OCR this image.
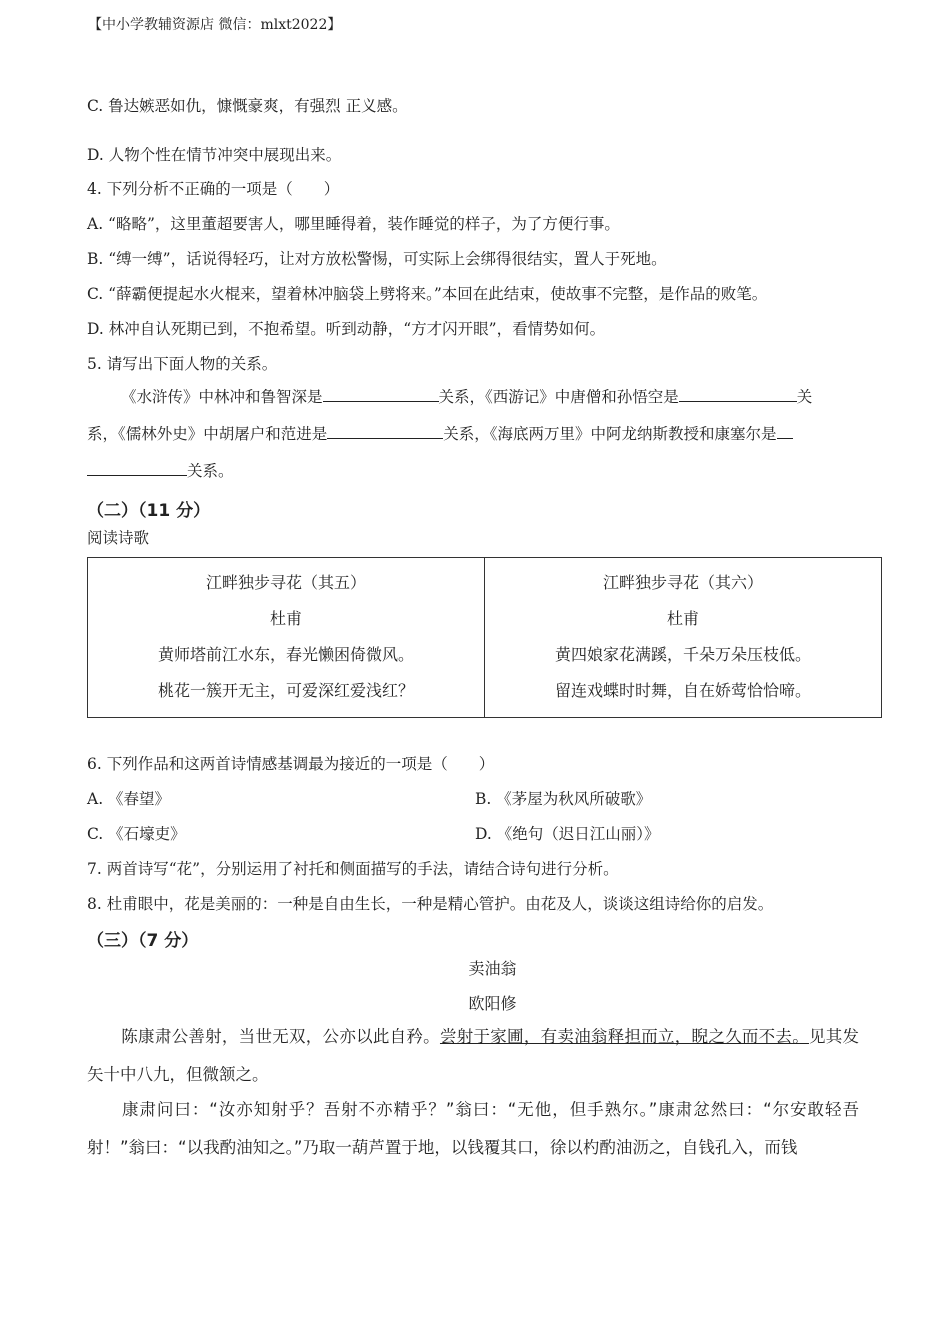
【中小学教辅资源店 微信：mlxt2022】
C. 鲁达嫉恶如仇，慷慨豪爽，有强烈 正义感。
D. 人物个性在情节冲突中展现出来。
4. 下列分析不正确的一项是（　　）
A. “略略”，这里董超要害人，哪里睡得着，装作睡觉的样子，为了方便行事。
B. “缚一缚”，话说得轻巧，让对方放松警惕，可实际上会绑得很结实，置人于死地。
C. “薛霸便提起水火棍来，望着林冲脑袋上劈将来。”本回在此结束，使故事不完整，是作品的败笔。
D. 林冲自认死期已到，不抱希望。听到动静，“方才闪开眼”，看情势如何。
5. 请写出下面人物的关系。
《水浒传》中林冲和鲁智深是	关系，《西游记》中唐僧和孙悟空是	关
系，《儒林外史》中胡屠户和范进是	关系，《海底两万里》中阿龙纳斯教授和康塞尔是
关系。
（二）（11 分）
阅读诗歌
江畔独步寻花（其五）
杜甫
黄师塔前江水东，春光懒困倚微风。
桃花一簇开无主，可爱深红爱浅红？

江畔独步寻花（其六）
杜甫
黄四娘家花满蹊，千朵万朵压枝低。
留连戏蝶时时舞，自在娇莺恰恰啼。
6. 下列作品和这两首诗情感基调最为接近的一项是（　　）
A. 《春望》	B. 《茅屋为秋风所破歌》
C. 《石壕吏》	D. 《绝句（迟日江山丽）》
7. 两首诗写“花”，分别运用了衬托和侧面描写的手法，请结合诗句进行分析。
8. 杜甫眼中，花是美丽的：一种是自由生长，一种是精心管护。由花及人，谈谈这组诗给你的启发。
（三）（7 分）
卖油翁
欧阳修
陈康肃公善射，当世无双，公亦以此自矜。尝射于家圃，有卖油翁释担而立，睨之久而不去。见其发矢十中八九，但微颔之。
康肃问曰：“汝亦知射乎？吾射不亦精乎？”翁曰：“无他，但手熟尔。”康肃忿然曰：“尔安敢轻吾射！”翁曰：“以我酌油知之。”乃取一葫芦置于地，以钱覆其口，徐以杓酌油沥之，自钱孔入，而钱
